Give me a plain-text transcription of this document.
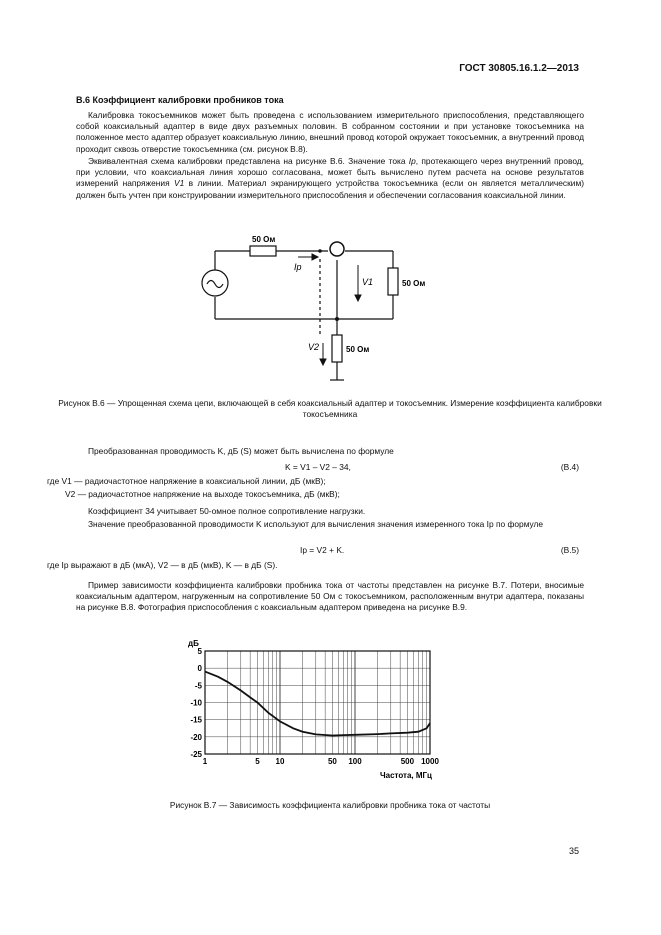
ГОСТ 30805.16.1.2—2013
В.6 Коэффициент калибровки пробников тока

Калибровка токосъемников может быть проведена с использованием измерительного приспособления, представляющего собой коаксиальный адаптер в виде двух разъемных половин. В собранном состоянии и при установке токосъемника на положенное место адаптер образует коаксиальную линию, внешний провод которой окружает токосъемник, а внутренний провод проходит сквозь отверстие токосъемника (см. рисунок В.8).

Эквивалентная схема калибровки представлена на рисунке В.6. Значение тока Iр, протекающего через внутренний провод, при условии, что коаксиальная линия хорошо согласована, может быть вычислено путем расчета на основе результатов измерений напряжения V1 в линии. Материал экранирующего устройства токосъемника (если он является металлическим) должен быть учтен при конструировании измерительного приспособления и обеспечении согласования коаксиальной линии.

50 Ом
Ip
V1	50 Ом
V2	50 Ом
Рисунок В.6 — Упрощенная схема цепи, включающей в себя коаксиальный адаптер и токосъемник. Измерение коэффициента калибровки токосъемника
Преобразованная проводимость K, дБ (S) может быть вычислена по формуле
K = V1 – V2 – 34,	(В.4)
где V1 — радиочастотное напряжение в коаксиальной линии, дБ (мкВ);
V2 — радиочастотное напряжение на выходе токосъемника, дБ (мкВ);
Коэффициент 34 учитывает 50-омное полное сопротивление нагрузки.

Значение преобразованной проводимости K используют для вычисления значения измеренного тока Ip по формуле

Ip = V2 + K.	(В.5)
где Ip выражают в дБ (мкА), V2 — в дБ (мкВ), K — в дБ (S).

Пример зависимости коэффициента калибровки пробника тока от частоты представлен на рисунке В.7. Потери, вносимые коаксиальным адаптером, нагруженным на сопротивление 50 Ом с токосъемником, расположенным внутри адаптера, показаны на рисунке В.8. Фотография приспособления с коаксиальным адаптером приведена на рисунке В.9.

дБ
Частота, МГц
5
0
-5
-10
-15
-20
-25
1	5 10	50 100	500 1000
Рисунок В.7 — Зависимость коэффициента калибровки пробника тока от частоты
35
